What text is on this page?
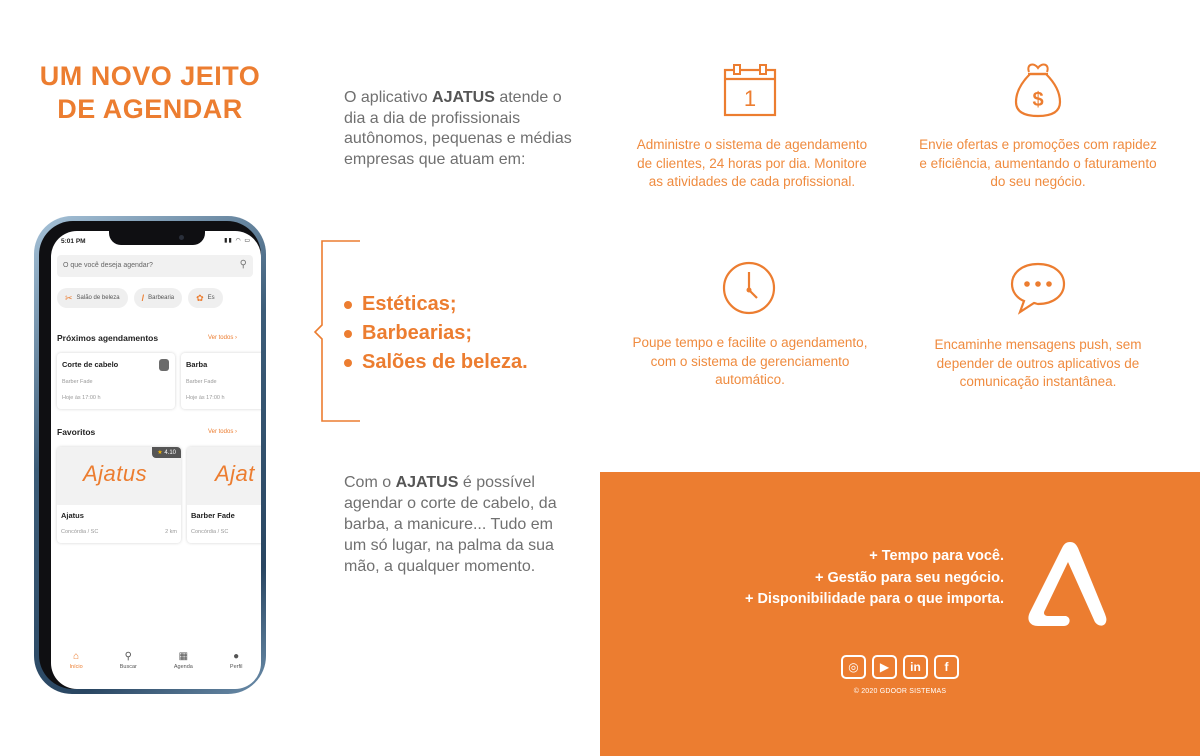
UM NOVO JEITO
DE AGENDAR	O aplicativo AJATUS atende o dia a dia de profissionais autônomos, pequenas e médias empresas que atuam em:

Estéticas;
Barbearias;
Salões de beleza.

Com o AJATUS é possível agendar o corte de cabelo, da barba, a manicure... Tudo em um só lugar, na palma da sua mão, a qualquer momento.

1	$

Administre o sistema de agendamento de clientes, 24 horas por dia. Monitore as atividades de cada profissional.

Envie ofertas e promoções com rapidez e eficiência, aumentando o faturamento do seu negócio.

Poupe tempo e facilite o agendamento, com o sistema de gerenciamento automático.

Encaminhe mensagens push, sem depender de outros aplicativos de comunicação instantânea.

+ Tempo para você.
+ Gestão para seu negócio.
+ Disponibilidade para o que importa.
◎	▶	in	f
© 2020 GDOOR SISTEMAS
5:01 PM	▮▮ ◠ ▭
O que você deseja agendar?	⚲
✂ Salão de beleza / Barbearia ✿ Es
Próximos agendamentos	Ver todos ›
Corte de cabelo
Barber Fade
Hoje às 17:00 h
Barba
Barber Fade
Hoje às 17:00 h
Favoritos	Ver todos ›
Ajatus
★ 4.10
Ajatus
Concórdia / SC	2 km
Ajat
Barber Fade
Concórdia / SC
⌂
Início
⚲
Buscar
▦
Agenda
●
Perfil
